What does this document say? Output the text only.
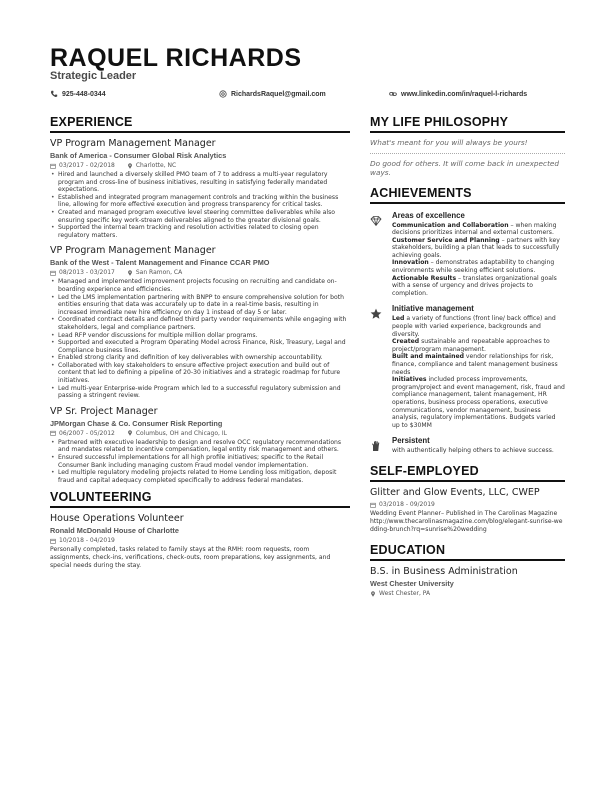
RAQUEL RICHARDS
Strategic Leader
925-448-0344	RichardsRaquel@gmail.com	www.linkedin.com/in/raquel-l-richards
EXPERIENCE
VP Program Management Manager
Bank of America - Consumer Global Risk Analytics
03/2017 - 02/2018	Charlotte, NC
• Hired and launched a diversely skilled PMO team of 7 to address a multi-year regulatory program and cross-line of business initiatives, resulting in satisfying federally mandated expectations.
• Established and integrated program management controls and tracking within the business line, allowing for more effective execution and progress transparency for critical tasks.
• Created and managed program executive level steering committee deliverables while also ensuring specific key work-stream deliverables aligned to the greater divisional goals.
• Supported the internal team tracking and resolution activities related to closing open regulatory matters.
VP Program Management Manager
Bank of the West - Talent Management and Finance CCAR PMO
08/2013 - 03/2017	San Ramon, CA
• Managed and implemented improvement projects focusing on recruiting and candidate on-boarding experience and efficiencies.
• Led the LMS implementation partnering with BNPP to ensure comprehensive solution for both entities ensuring that data was accurately up to date in a real-time basis, resulting in increased immediate new hire efficiency on day 1 instead of day 5 or later.
• Coordinated contract details and defined third party vendor requirements while engaging with stakeholders, legal and compliance partners.
• Lead RFP vendor discussions for multiple million dollar programs.
• Supported and executed a Program Operating Model across Finance, Risk, Treasury, Legal and Compliance business lines.
• Enabled strong clarity and definition of key deliverables with ownership accountability.
• Collaborated with key stakeholders to ensure effective project execution and build out of content that led to defining a pipeline of 20-30 initiatives and a strategic roadmap for future initiatives.
• Led multi-year Enterprise-wide Program which led to a successful regulatory submission and passing a stringent review.
VP Sr. Project Manager
JPMorgan Chase & Co. Consumer Risk Reporting
06/2007 - 05/2012	Columbus, OH and Chicago, IL
• Partnered with executive leadership to design and resolve OCC regulatory recommendations and mandates related to incentive compensation, legal entity risk management and others.
• Ensured successful implementations for all high profile initiatives; specific to the Retail Consumer Bank including managing custom Fraud model vendor implementation.
• Led multiple regulatory modeling projects related to Home Lending loss mitigation, deposit fraud and capital adequacy completed specifically to address federal mandates.
VOLUNTEERING
House Operations Volunteer
Ronald McDonald House of Charlotte
10/2018 - 04/2019
Personally completed, tasks related to family stays at the RMH: room requests, room assignments, check-ins, verifications, check-outs, room preparations, key assignments, and special needs during the stay.
MY LIFE PHILOSOPHY
What's meant for you will always be yours!
Do good for others. It will come back in unexpected ways.
ACHIEVEMENTS
Areas of excellence
Communication and Collaboration – when making decisions prioritizes internal and external customers.
Customer Service and Planning – partners with key stakeholders, building a plan that leads to successfully achieving goals.
Innovation – demonstrates adaptability to changing environments while seeking efficient solutions.
Actionable Results – translates organizational goals with a sense of urgency and drives projects to completion.
Initiative management
Led a variety of functions (front line/ back office) and people with varied experience, backgrounds and diversity.
Created sustainable and repeatable approaches to project/program management.
Built and maintained vendor relationships for risk, finance, compliance and talent management business needs
Initiatives included process improvements, program/project and event management, risk, fraud and compliance management, talent management, HR operations, business process operations, executive communications, vendor management, business analysis, regulatory implementations. Budgets varied up to $30MM
Persistent
with authentically helping others to achieve success.
SELF-EMPLOYED
Glitter and Glow Events, LLC, CWEP
03/2018 - 09/2019
Wedding Event Planner– Published in The Carolinas Magazine
http://www.thecarolinasmagazine.com/blog/elegant-sunrise-wedding-brunch?rq=sunrise%20wedding
EDUCATION
B.S. in Business Administration
West Chester University
West Chester, PA
